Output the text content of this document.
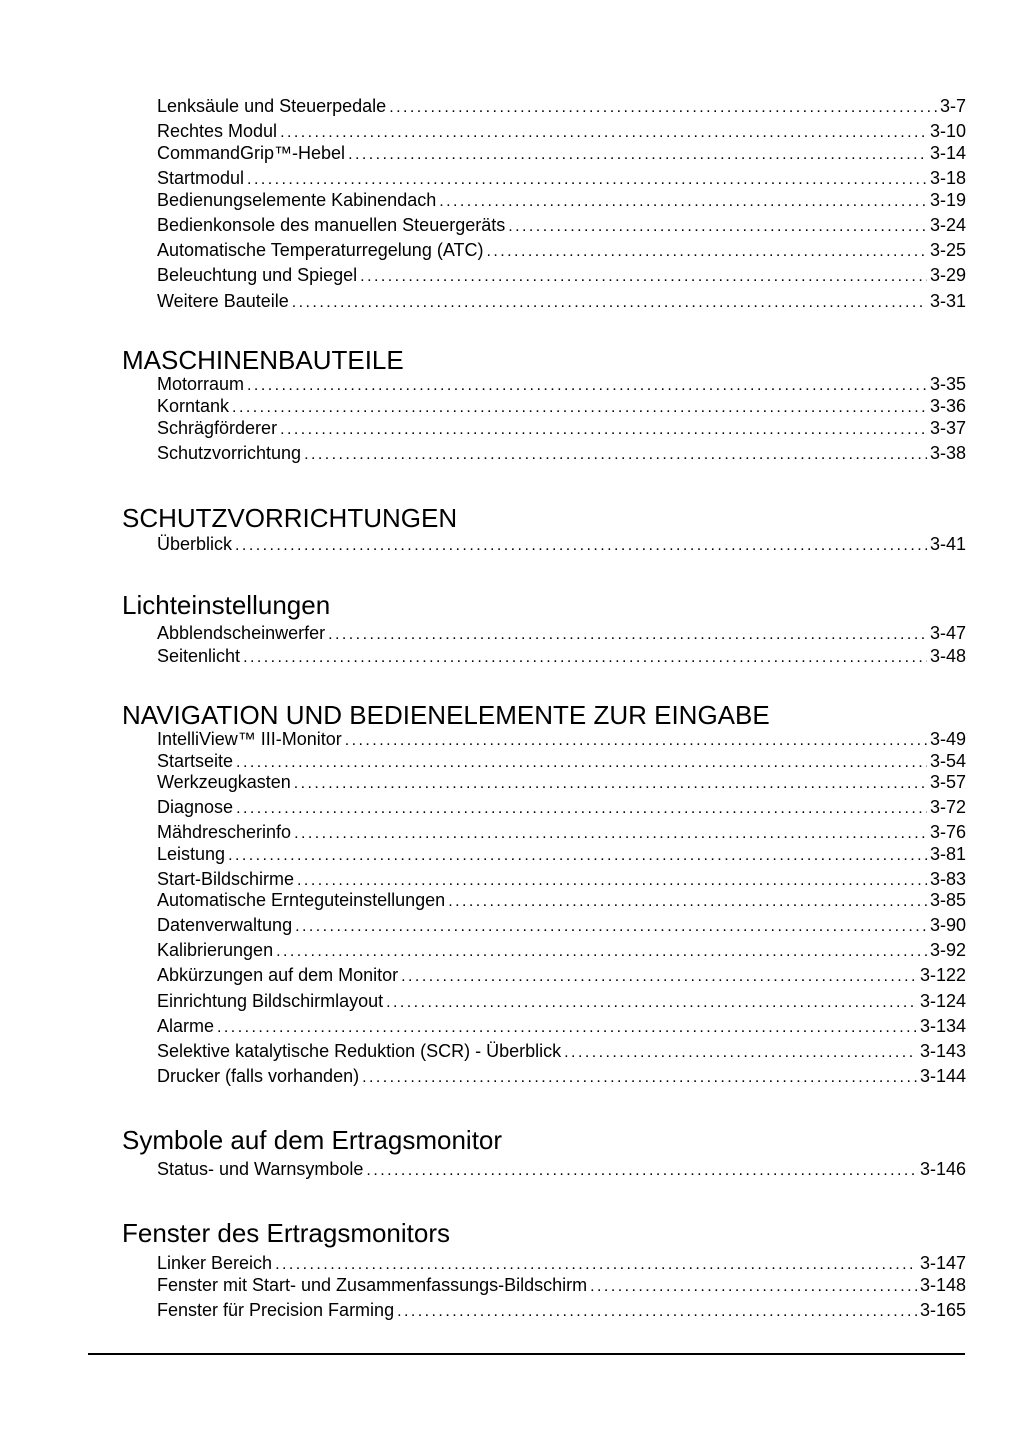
Lenksäule und Steuerpedale . . .	3-7
Rechtes Modul . . .	3-10
CommandGrip™-Hebel . . .	3-14
Startmodul . . .	3-18
Bedienungselemente Kabinendach . . .	3-19
Bedienkonsole des manuellen Steuergeräts . . .	3-24
Automatische Temperaturregelung (ATC) . . .	3-25
Beleuchtung und Spiegel . . .	3-29
Weitere Bauteile . . .	3-31
MASCHINENBAUTEILE
Motorraum . . .	3-35
Korntank . . .	3-36
Schrägförderer . . .	3-37
Schutzvorrichtung . . .	3-38
SCHUTZVORRICHTUNGEN
Überblick . . .	3-41
Lichteinstellungen
Abblendscheinwerfer . . .	3-47
Seitenlicht . . .	3-48
NAVIGATION UND BEDIENELEMENTE ZUR EINGABE
IntelliView™ III-Monitor . . .	3-49
Startseite . . .	3-54
Werkzeugkasten . . .	3-57
Diagnose . . .	3-72
Mähdrescherinfo . . .	3-76
Leistung . . .	3-81
Start-Bildschirme . . .	3-83
Automatische Ernteguteinstellungen . . .	3-85
Datenverwaltung . . .	3-90
Kalibrierungen . . .	3-92
Abkürzungen auf dem Monitor . . .	3-122
Einrichtung Bildschirmlayout . . .	3-124
Alarme . . .	3-134
Selektive katalytische Reduktion (SCR) - Überblick . . .	3-143
Drucker (falls vorhanden) . . .	3-144
Symbole auf dem Ertragsmonitor
Status- und Warnsymbole . . .	3-146
Fenster des Ertragsmonitors
Linker Bereich . . .	3-147
Fenster mit Start- und Zusammenfassungs-Bildschirm . . .	3-148
Fenster für Precision Farming . . .	3-165
